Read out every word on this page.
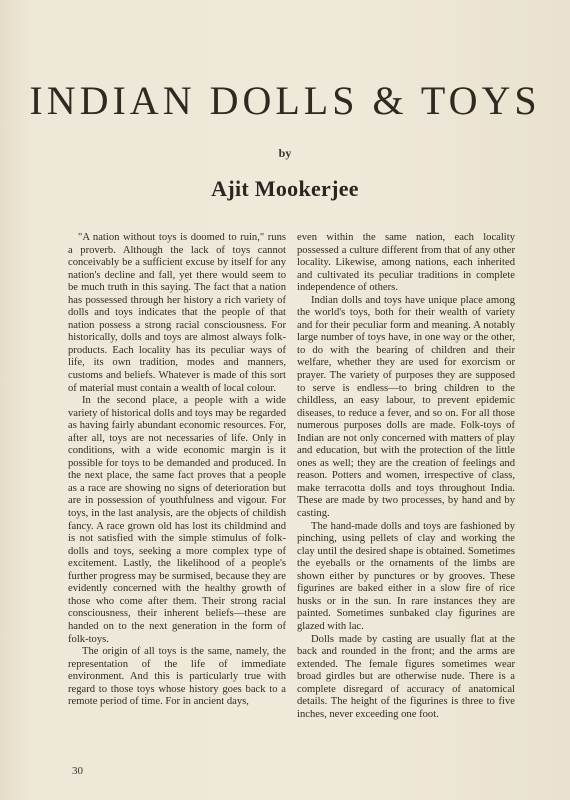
INDIAN DOLLS & TOYS
by
Ajit Mookerjee

"A nation without toys is doomed to ruin," runs a proverb. Although the lack of toys cannot conceivably be a sufficient excuse by itself for any nation's decline and fall, yet there would seem to be much truth in this saying. The fact that a nation has possessed through her history a rich variety of dolls and toys indicates that the people of that nation possess a strong racial consciousness. For historically, dolls and toys are almost always folk-products. Each locality has its peculiar ways of life, its own tradition, modes and manners, customs and beliefs. Whatever is made of this sort of material must contain a wealth of local colour.

In the second place, a people with a wide variety of historical dolls and toys may be regarded as having fairly abundant economic resources. For, after all, toys are not necessaries of life. Only in conditions, with a wide economic margin is it possible for toys to be demanded and produced. In the next place, the same fact proves that a people as a race are showing no signs of deterioration but are in possession of youthfulness and vigour. For toys, in the last analysis, are the objects of childish fancy. A race grown old has lost its childmind and is not satisfied with the simple stimulus of folk-dolls and toys, seeking a more complex type of excitement. Lastly, the likelihood of a people's further progress may be surmised, because they are evidently concerned with the healthy growth of those who come after them. Their strong racial consciousness, their inherent beliefs—these are handed on to the next generation in the form of folk-toys.

The origin of all toys is the same, namely, the representation of the life of immediate environment. And this is particularly true with regard to those toys whose history goes back to a remote period of time. For in ancient days,

even within the same nation, each locality possessed a culture different from that of any other locality. Likewise, among nations, each inherited and cultivated its peculiar traditions in complete independence of others.

Indian dolls and toys have unique place among the world's toys, both for their wealth of variety and for their peculiar form and meaning. A notably large number of toys have, in one way or the other, to do with the bearing of children and their welfare, whether they are used for exorcism or prayer. The variety of purposes they are supposed to serve is endless—to bring children to the childless, an easy labour, to prevent epidemic diseases, to reduce a fever, and so on. For all those numerous purposes dolls are made. Folk-toys of Indian are not only concerned with matters of play and education, but with the protection of the little ones as well; they are the creation of feelings and reason. Potters and women, irrespective of class, make terracotta dolls and toys throughout India. These are made by two processes, by hand and by casting.

The hand-made dolls and toys are fashioned by pinching, using pellets of clay and working the clay until the desired shape is obtained. Sometimes the eyeballs or the ornaments of the limbs are shown either by punctures or by grooves. These figurines are baked either in a slow fire of rice husks or in the sun. In rare instances they are painted. Sometimes sunbaked clay figurines are glazed with lac.

Dolls made by casting are usually flat at the back and rounded in the front; and the arms are extended. The female figures sometimes wear broad girdles but are otherwise nude. There is a complete disregard of accuracy of anatomical details. The height of the figurines is three to five inches, never exceeding one foot.

30
